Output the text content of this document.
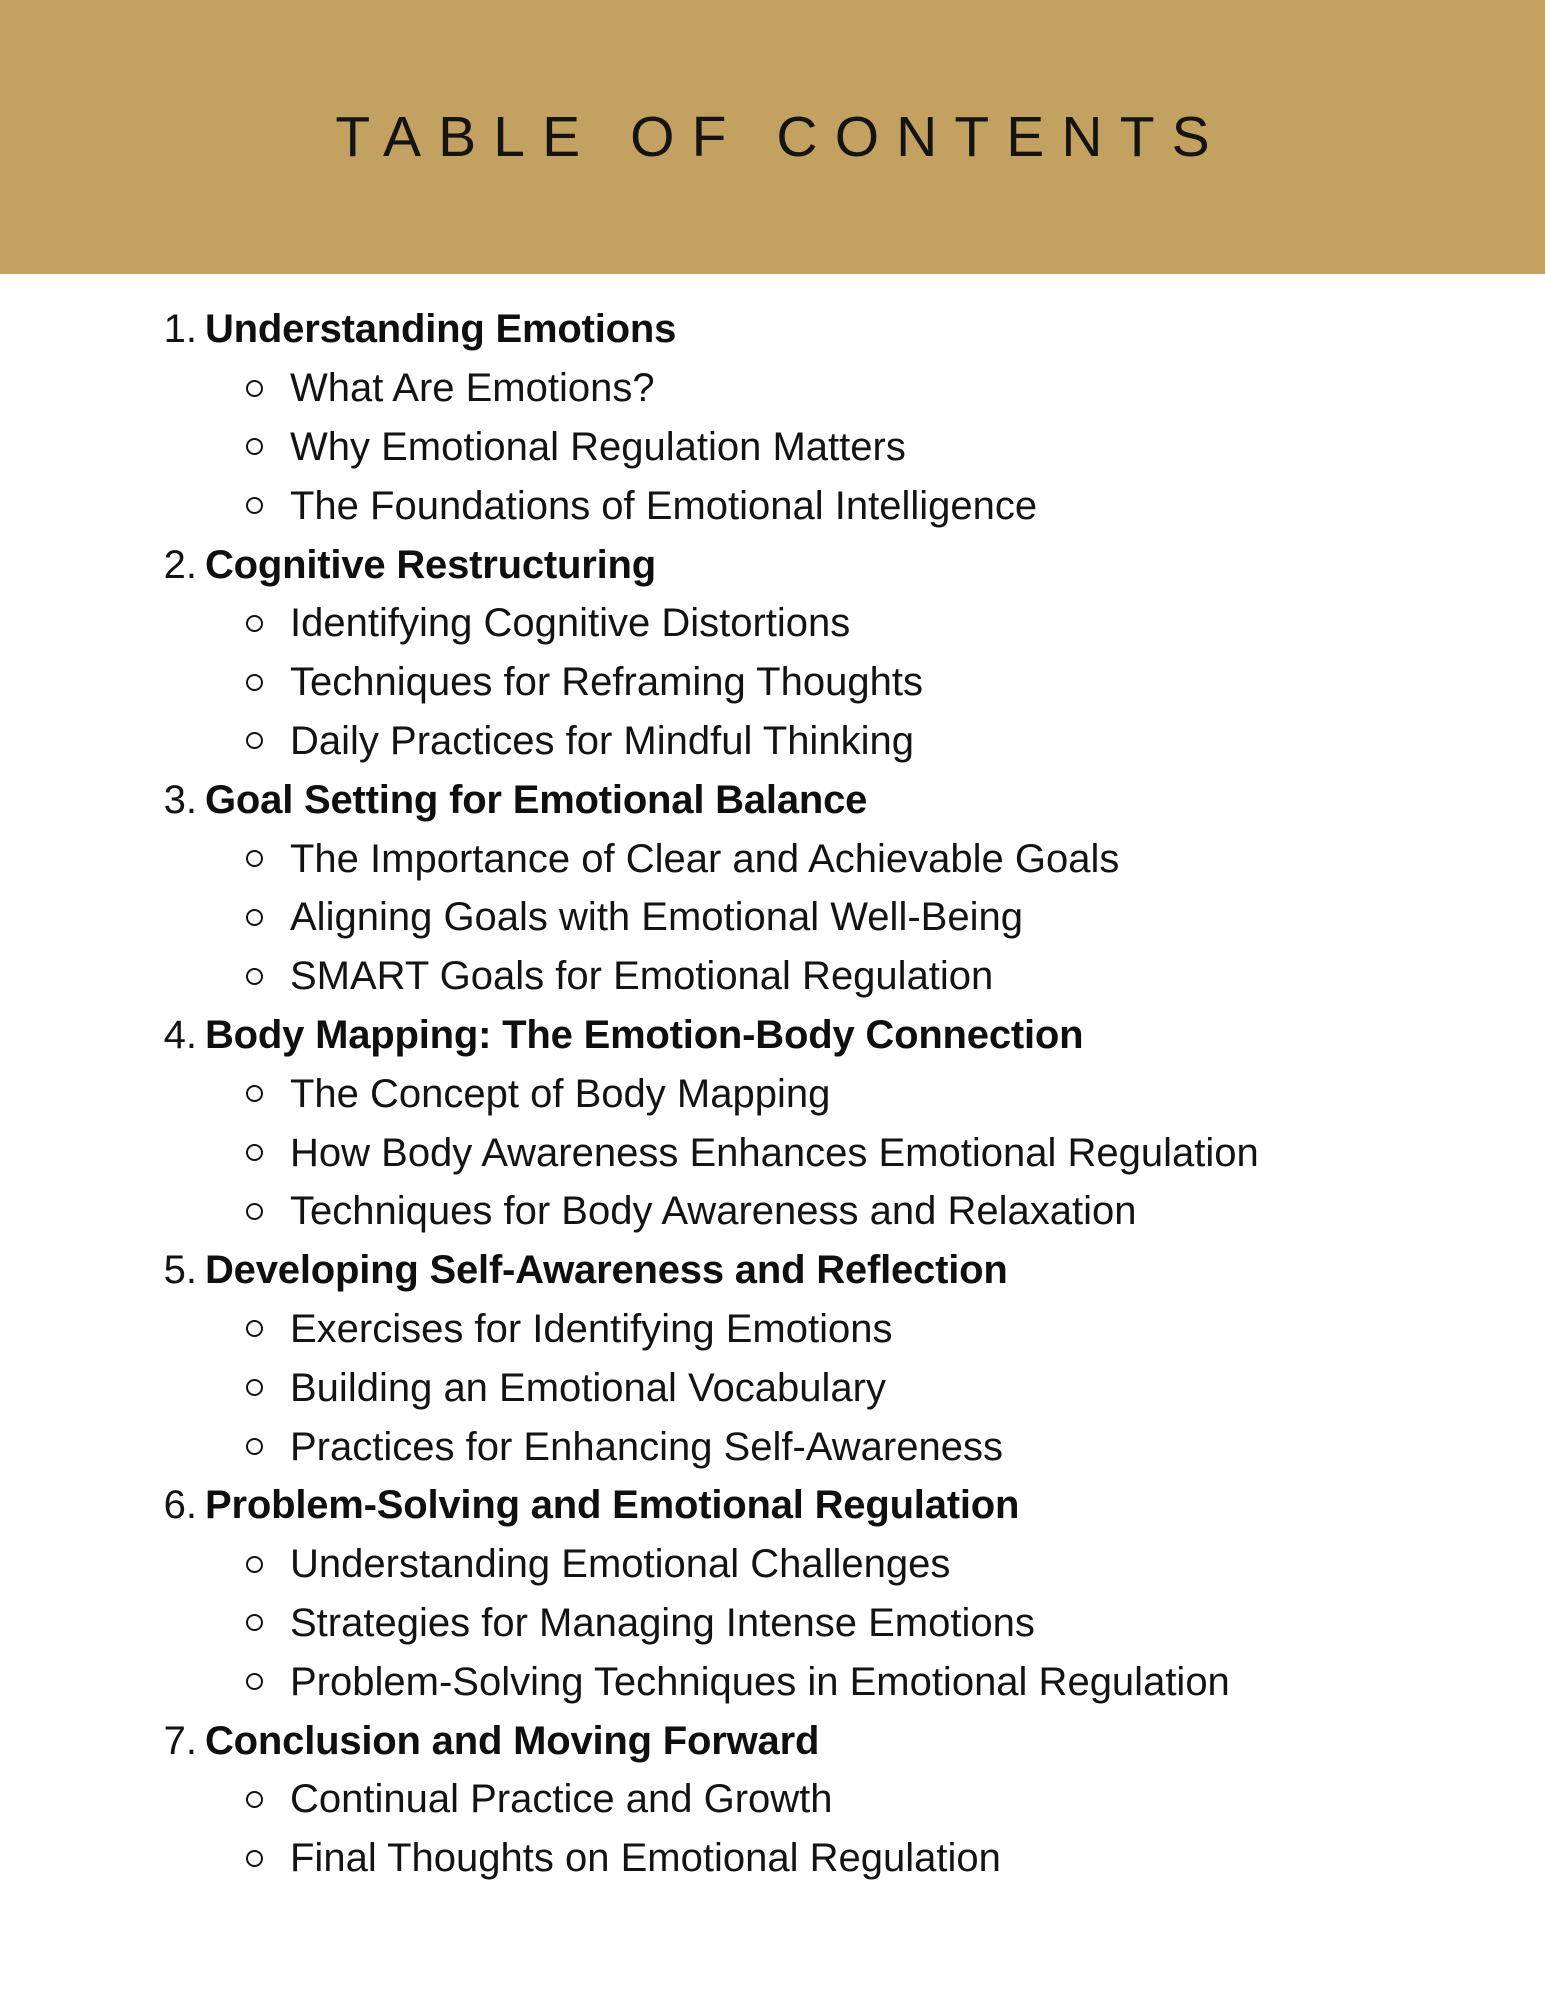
TABLE OF CONTENTS
1. Understanding Emotions
What Are Emotions?
Why Emotional Regulation Matters
The Foundations of Emotional Intelligence
2. Cognitive Restructuring
Identifying Cognitive Distortions
Techniques for Reframing Thoughts
Daily Practices for Mindful Thinking
3. Goal Setting for Emotional Balance
The Importance of Clear and Achievable Goals
Aligning Goals with Emotional Well-Being
SMART Goals for Emotional Regulation
4. Body Mapping: The Emotion-Body Connection
The Concept of Body Mapping
How Body Awareness Enhances Emotional Regulation
Techniques for Body Awareness and Relaxation
5. Developing Self-Awareness and Reflection
Exercises for Identifying Emotions
Building an Emotional Vocabulary
Practices for Enhancing Self-Awareness
6. Problem-Solving and Emotional Regulation
Understanding Emotional Challenges
Strategies for Managing Intense Emotions
Problem-Solving Techniques in Emotional Regulation
7. Conclusion and Moving Forward
Continual Practice and Growth
Final Thoughts on Emotional Regulation
